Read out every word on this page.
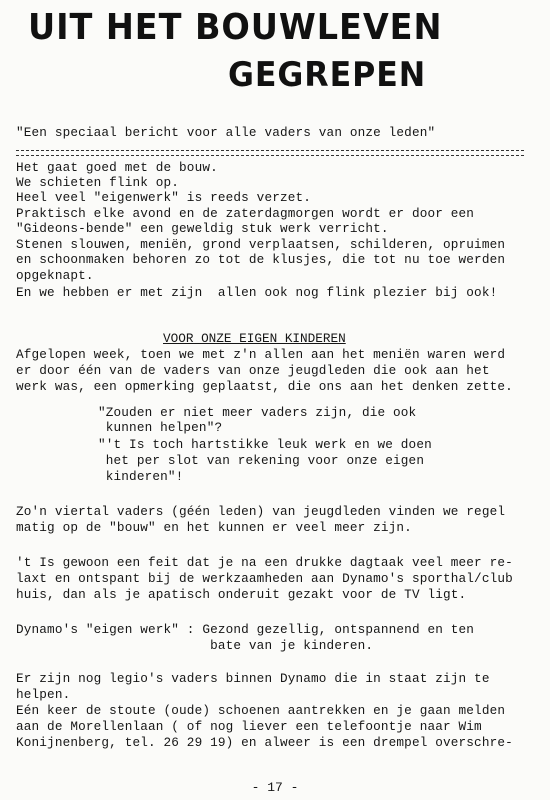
UIT HET BOUWLEVEN
GEGREPEN
"Een speciaal bericht voor alle vaders van onze leden"
Het gaat goed met de bouw.
We schieten flink op.
Heel veel "eigenwerk" is reeds verzet.
Praktisch elke avond en de zaterdagmorgen wordt er door een
"Gideons-bende" een geweldig stuk werk verricht.
Stenen slouwen, meniën, grond verplaatsen, schilderen, opruimen
en schoonmaken behoren zo tot de klusjes, die tot nu toe werden
opgeknapt.
En we hebben er met zijn  allen ook nog flink plezier bij ook!
VOOR ONZE EIGEN KINDEREN
Afgelopen week, toen we met z'n allen aan het meniën waren werd
er door één van de vaders van onze jeugdleden die ook aan het
werk was, een opmerking geplaatst, die ons aan het denken zette.
"Zouden er niet meer vaders zijn, die ook
kunnen helpen"?
"'t Is toch hartstikke leuk werk en we doen
het per slot van rekening voor onze eigen
kinderen"!
Zo'n viertal vaders (géén leden) van jeugdleden vinden we regel
matig op de "bouw" en het kunnen er veel meer zijn.
't Is gewoon een feit dat je na een drukke dagtaak veel meer re-
laxt en ontspant bij de werkzaamheden aan Dynamo's sporthal/club
huis, dan als je apatisch onderuit gezakt voor de TV ligt.
Dynamo's "eigen werk" : Gezond gezellig, ontspannend en ten
bate van je kinderen.
Er zijn nog legio's vaders binnen Dynamo die in staat zijn te
helpen.
Eén keer de stoute (oude) schoenen aantrekken en je gaan melden
aan de Morellenlaan ( of nog liever een telefoontje naar Wim
Konijnenberg, tel. 26 29 19) en alweer is een drempel overschre-
- 17 -
